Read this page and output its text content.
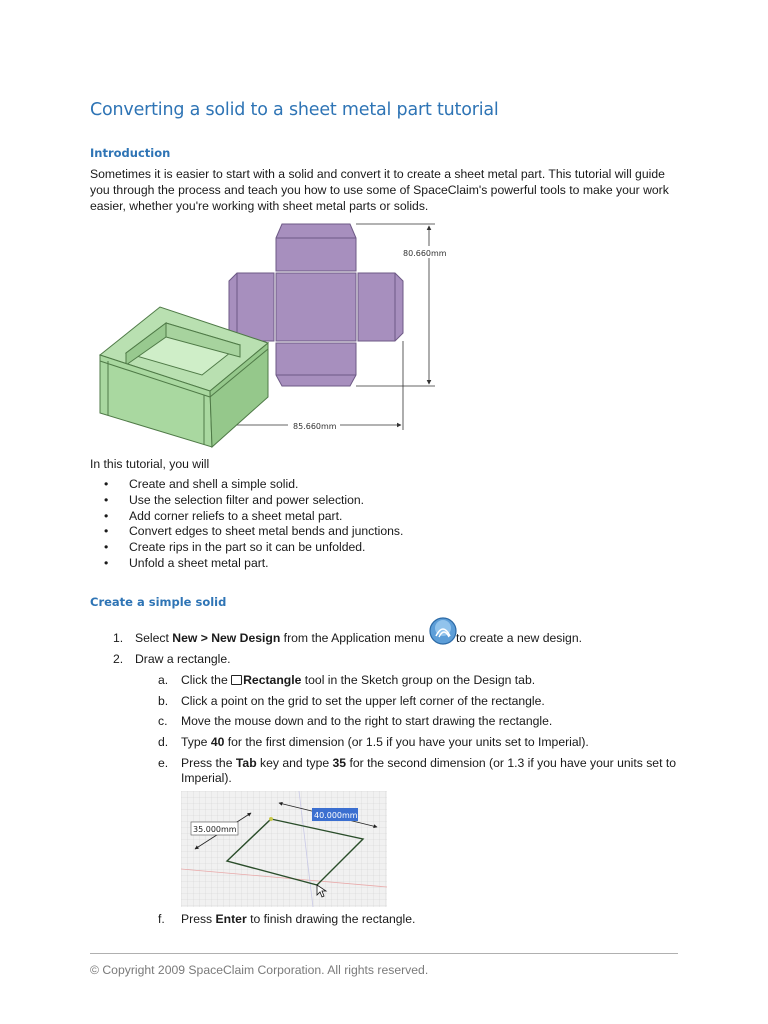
Converting a solid to a sheet metal part tutorial
Introduction
Sometimes it is easier to start with a solid and convert it to create a sheet metal part. This tutorial will guide you through the process and teach you how to use some of SpaceClaim's powerful tools to make your work easier, whether you're working with sheet metal parts or solids.
80.660mm
85.660mm
In this tutorial, you will
• Create and shell a simple solid.
• Use the selection filter and power selection.
• Add corner reliefs to a sheet metal part.
• Convert edges to sheet metal bends and junctions.
• Create rips in the part so it can be unfolded.
• Unfold a sheet metal part.
Create a simple solid
1. Select New > New Design from the Application menu
to create a new design.
2. Draw a rectangle.
a. Click the Rectangle tool in the Sketch group on the Design tab.
b. Click a point on the grid to set the upper left corner of the rectangle.
c. Move the mouse down and to the right to start drawing the rectangle.
d. Type 40 for the first dimension (or 1.5 if you have your units set to Imperial).
e. Press the Tab key and type 35 for the second dimension (or 1.3 if you have your units set to Imperial).
40.000mm
35.000mm
f. Press Enter to finish drawing the rectangle.
© Copyright 2009 SpaceClaim Corporation. All rights reserved.
